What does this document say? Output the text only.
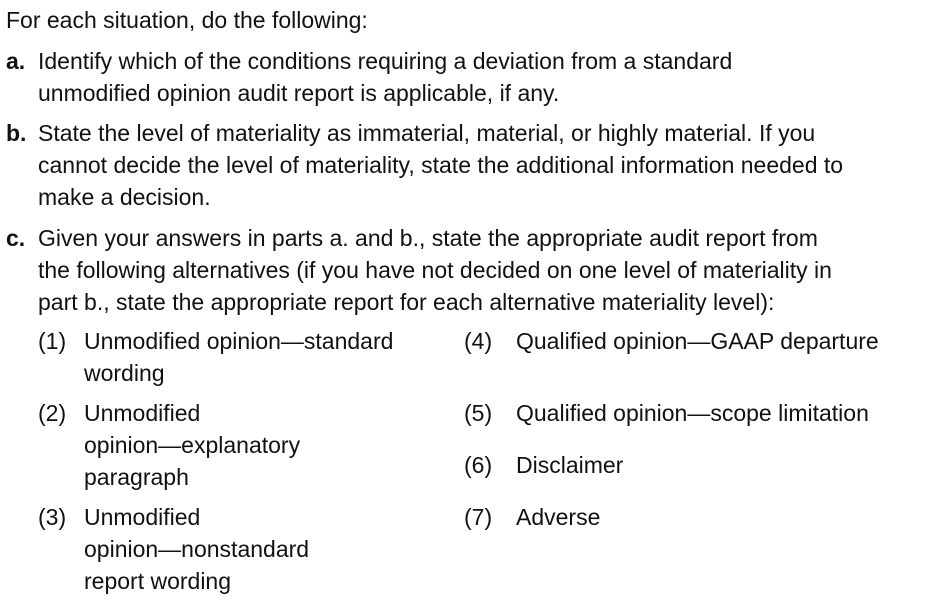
For each situation, do the following:
a. Identify which of the conditions requiring a deviation from a standard
unmodified opinion audit report is applicable, if any.
b. State the level of materiality as immaterial, material, or highly material. If you
cannot decide the level of materiality, state the additional information needed to
make a decision.
c. Given your answers in parts a. and b., state the appropriate audit report from
the following alternatives (if you have not decided on one level of materiality in
part b., state the appropriate report for each alternative materiality level):
(1) Unmodified opinion—standard
wording
(2) Unmodified
opinion—explanatory
paragraph
(3) Unmodified
opinion—nonstandard
report wording
(4) Qualified opinion—GAAP departure
(5) Qualified opinion—scope limitation
(6) Disclaimer
(7) Adverse
